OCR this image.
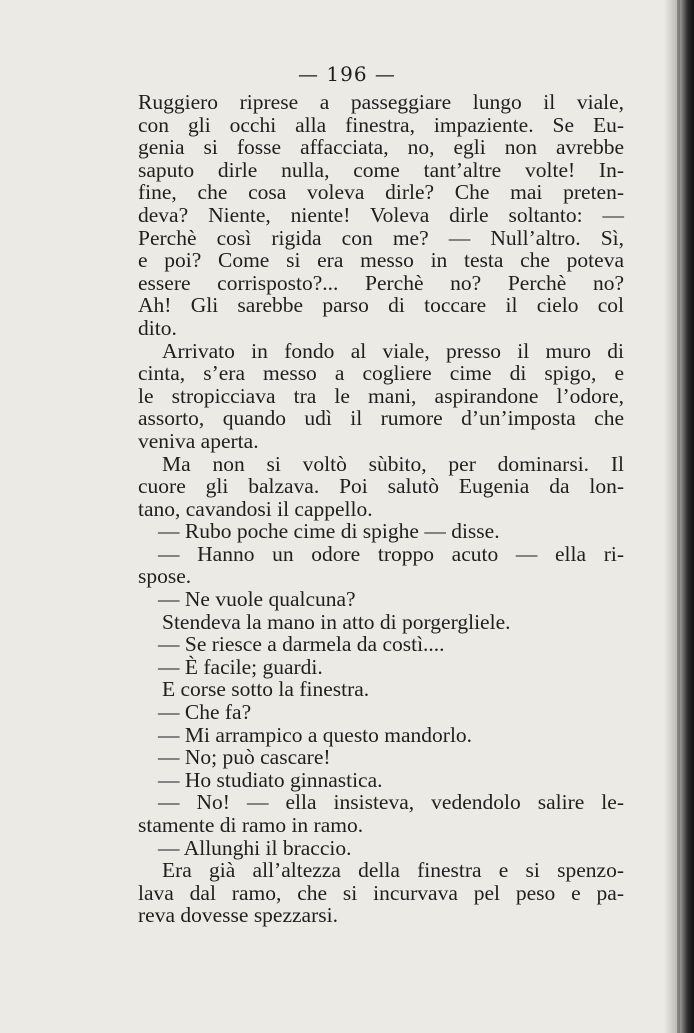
— 196 —
Ruggiero riprese a passeggiare lungo il viale,
con gli occhi alla finestra, impaziente. Se Eu-
genia si fosse affacciata, no, egli non avrebbe
saputo dirle nulla, come tant’altre volte! In-
fine, che cosa voleva dirle? Che mai preten-
deva? Niente, niente! Voleva dirle soltanto: —
Perchè così rigida con me? — Null’altro. Sì,
e poi? Come si era messo in testa che poteva
essere corrisposto?... Perchè no? Perchè no?
Ah! Gli sarebbe parso di toccare il cielo col
dito.
Arrivato in fondo al viale, presso il muro di
cinta, s’era messo a cogliere cime di spigo, e
le stropicciava tra le mani, aspirandone l’odore,
assorto, quando udì il rumore d’un’imposta che
veniva aperta.
Ma non si voltò sùbito, per dominarsi. Il
cuore gli balzava. Poi salutò Eugenia da lon-
tano, cavandosi il cappello.
— Rubo poche cime di spighe — disse.
— Hanno un odore troppo acuto — ella ri-
spose.
— Ne vuole qualcuna?
Stendeva la mano in atto di porgergliele.
— Se riesce a darmela da costì....
— È facile; guardi.
E corse sotto la finestra.
— Che fa?
— Mi arrampico a questo mandorlo.
— No; può cascare!
— Ho studiato ginnastica.
— No! — ella insisteva, vedendolo salire le-
stamente di ramo in ramo.
— Allunghi il braccio.
Era già all’altezza della finestra e si spenzo-
lava dal ramo, che si incurvava pel peso e pa-
reva dovesse spezzarsi.
